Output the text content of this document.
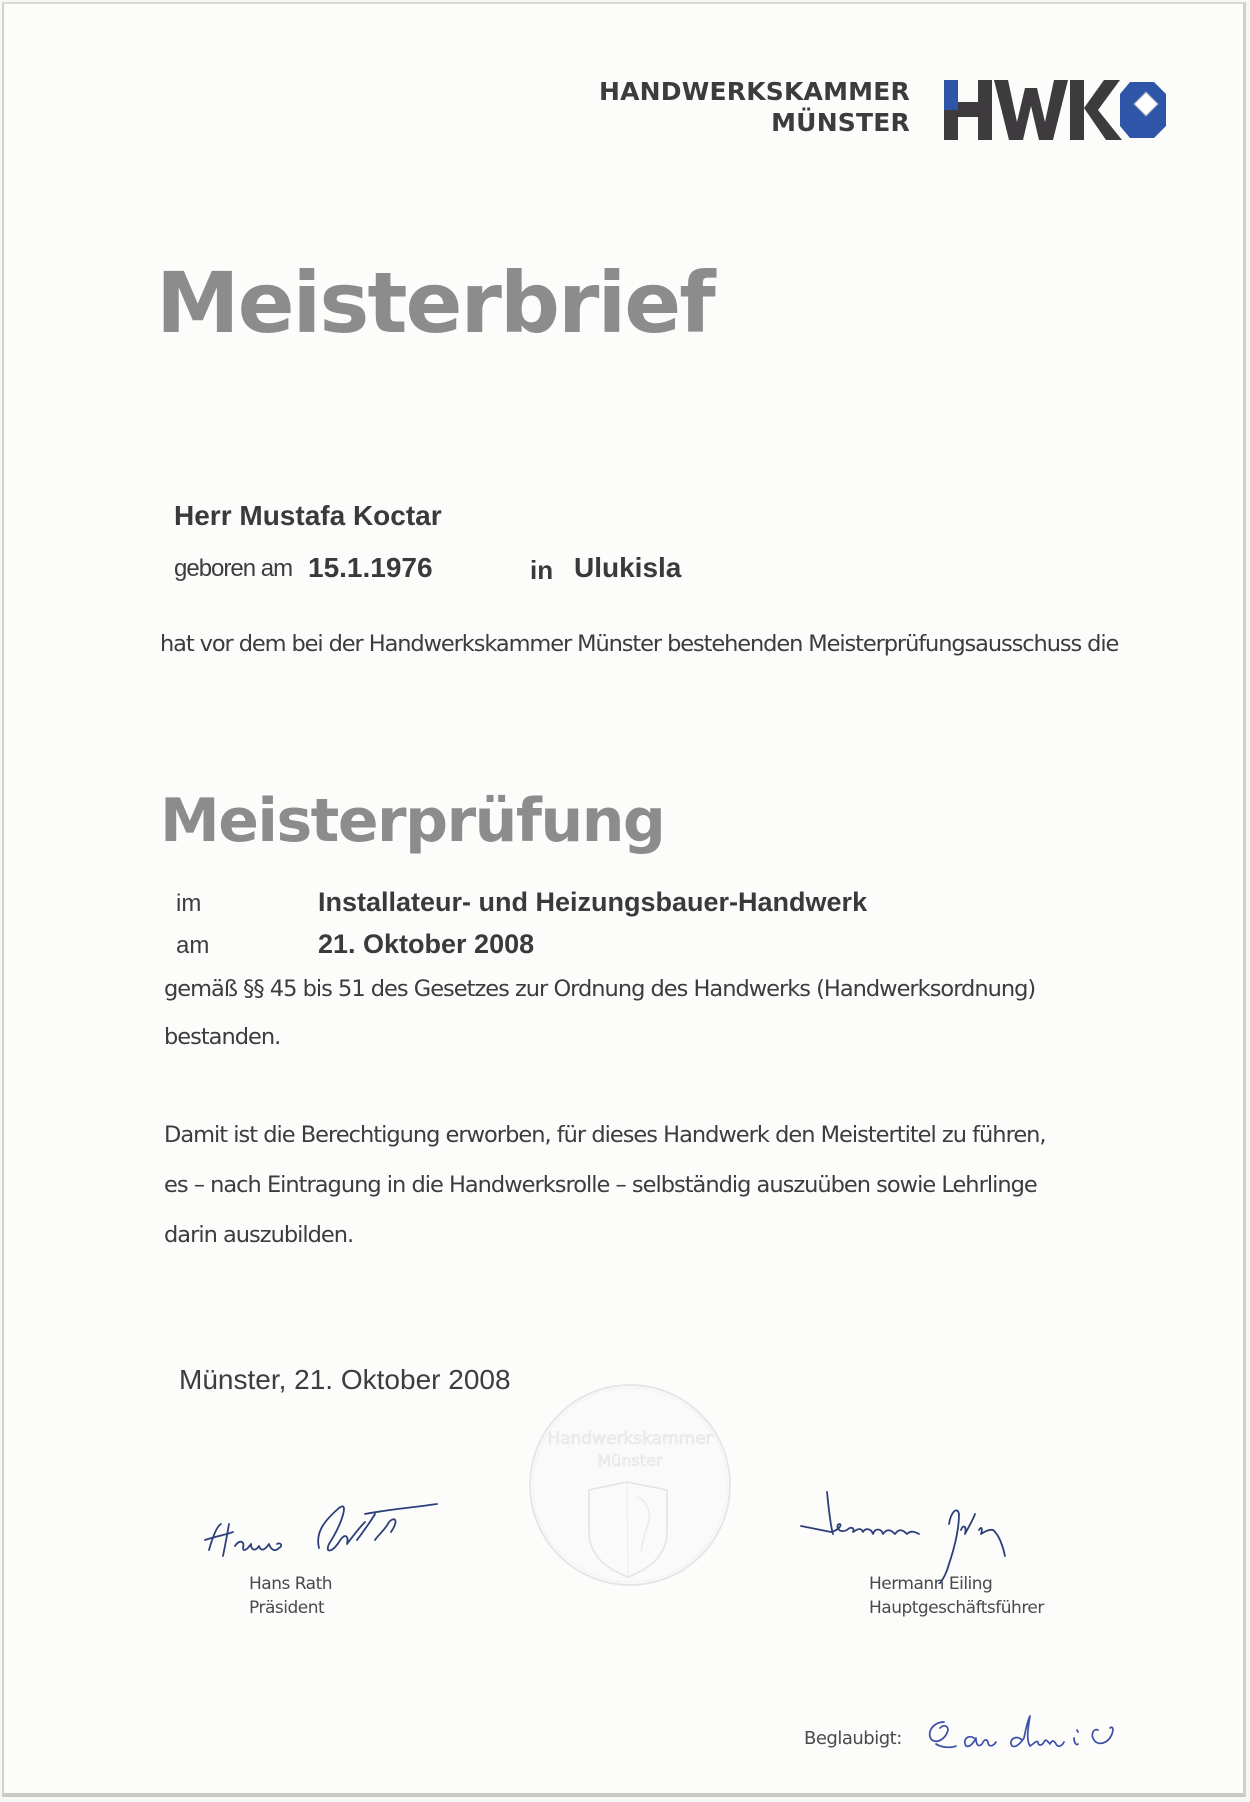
HANDWERKSKAMMER
MÜNSTER
Meisterbrief
Herr Mustafa Koctar
geboren am 15.1.1976	in Ulukisla
hat vor dem bei der Handwerkskammer Münster bestehenden Meisterprüfungsausschuss die
Meisterprüfung
im	Installateur- und Heizungsbauer-Handwerk
am	21. Oktober 2008
gemäß §§ 45 bis 51 des Gesetzes zur Ordnung des Handwerks (Handwerksordnung)
bestanden.
Damit ist die Berechtigung erworben, für dieses Handwerk den Meistertitel zu führen,
es – nach Eintragung in die Handwerksrolle – selbständig auszuüben sowie Lehrlinge
darin auszubilden.
Münster, 21. Oktober 2008
Handwerkskammer
Münster
Hans Rath
Präsident
Hermann Eiling
Hauptgeschäftsführer
Beglaubigt:
